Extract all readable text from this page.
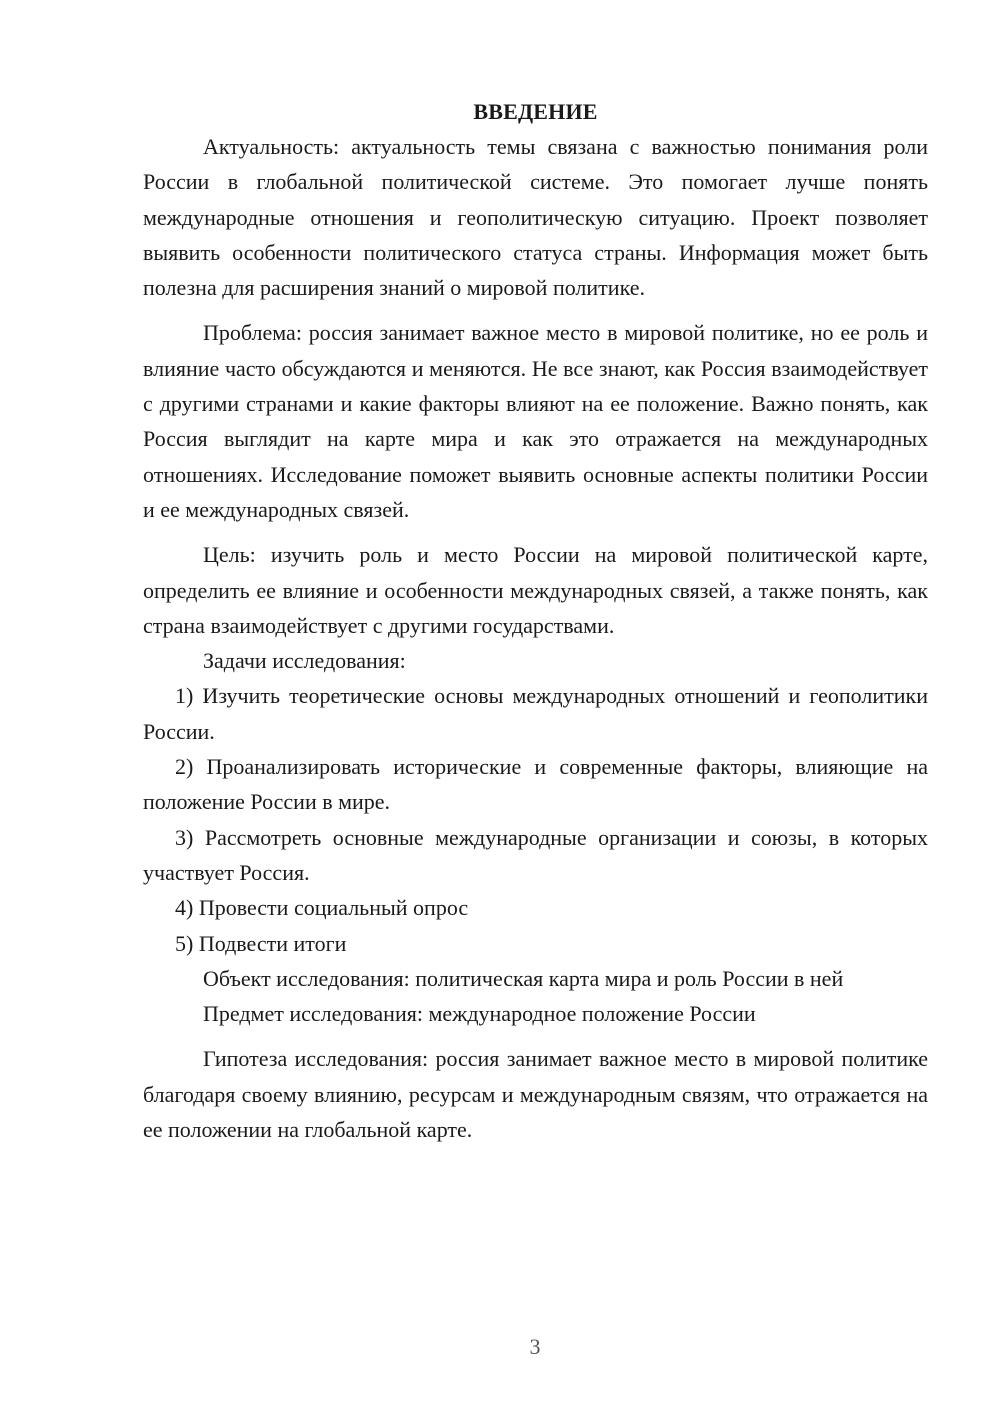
ВВЕДЕНИЕ

Актуальность: актуальность темы связана с важностью понимания роли России в глобальной политической системе. Это помогает лучше понять международные отношения и геополитическую ситуацию. Проект позволяет выявить особенности политического статуса страны. Информация может быть полезна для расширения знаний о мировой политике.

Проблема: россия занимает важное место в мировой политике, но ее роль и влияние часто обсуждаются и меняются. Не все знают, как Россия взаимодействует с другими странами и какие факторы влияют на ее положение. Важно понять, как Россия выглядит на карте мира и как это отражается на международных отношениях. Исследование поможет выявить основные аспекты политики России и ее международных связей.

Цель: изучить роль и место России на мировой политической карте, определить ее влияние и особенности международных связей, а также понять, как страна взаимодействует с другими государствами.

Задачи исследования:

1) Изучить теоретические основы международных отношений и геополитики России.

2) Проанализировать исторические и современные факторы, влияющие на положение России в мире.

3) Рассмотреть основные международные организации и союзы, в которых участвует Россия.

4) Провести социальный опрос

5) Подвести итоги

Объект исследования: политическая карта мира и роль России в ней

Предмет исследования: международное положение России

Гипотеза исследования: россия занимает важное место в мировой политике благодаря своему влиянию, ресурсам и международным связям, что отражается на ее положении на глобальной карте.

3
